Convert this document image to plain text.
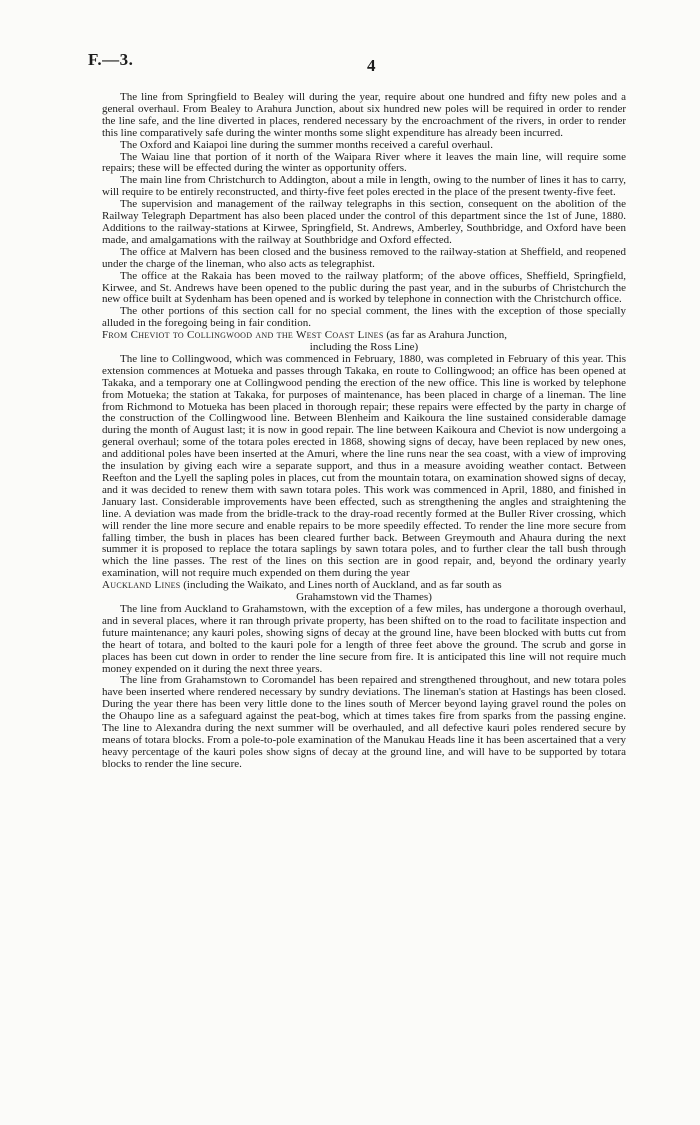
F.—3.	4

The line from Springfield to Bealey will during the year, require about one hundred and fifty new poles and a general overhaul. From Bealey to Arahura Junction, about six hundred new poles will be required in order to render the line safe, and the line diverted in places, rendered necessary by the encroachment of the rivers, in order to render this line comparatively safe during the winter months some slight expenditure has already been incurred.

The Oxford and Kaiapoi line during the summer months received a careful overhaul.

The Waiau line that portion of it north of the Waipara River where it leaves the main line, will require some repairs; these will be effected during the winter as opportunity offers.

The main line from Christchurch to Addington, about a mile in length, owing to the number of lines it has to carry, will require to be entirely reconstructed, and thirty-five feet poles erected in the place of the present twenty-five feet.

The supervision and management of the railway telegraphs in this section, consequent on the abolition of the Railway Telegraph Department has also been placed under the control of this department since the 1st of June, 1880. Additions to the railway-stations at Kirwee, Springfield, St. Andrews, Amberley, Southbridge, and Oxford have been made, and amalgamations with the railway at Southbridge and Oxford effected.

The office at Malvern has been closed and the business removed to the railway-station at Sheffield, and reopened under the charge of the lineman, who also acts as telegraphist.

The office at the Rakaia has been moved to the railway platform; of the above offices, Sheffield, Springfield, Kirwee, and St. Andrews have been opened to the public during the past year, and in the suburbs of Christchurch the new office built at Sydenham has been opened and is worked by telephone in connection with the Christchurch office.

The other portions of this section call for no special comment, the lines with the exception of those specially alluded in the foregoing being in fair condition.

From Cheviot to Collingwood and the West Coast Lines (as far as Arahura Junction,
including the Ross Line)

The line to Collingwood, which was commenced in February, 1880, was completed in February of this year. This extension commences at Motueka and passes through Takaka, en route to Collingwood; an office has been opened at Takaka, and a temporary one at Collingwood pending the erection of the new office. This line is worked by telephone from Motueka; the station at Takaka, for purposes of maintenance, has been placed in charge of a lineman. The line from Richmond to Motueka has been placed in thorough repair; these repairs were effected by the party in charge of the construction of the Collingwood line. Between Blenheim and Kaikoura the line sustained considerable damage during the month of August last; it is now in good repair. The line between Kaikoura and Cheviot is now undergoing a general overhaul; some of the totara poles erected in 1868, showing signs of decay, have been replaced by new ones, and additional poles have been inserted at the Amuri, where the line runs near the sea coast, with a view of improving the insulation by giving each wire a separate support, and thus in a measure avoiding weather contact. Between Reefton and the Lyell the sapling poles in places, cut from the mountain totara, on examination showed signs of decay, and it was decided to renew them with sawn totara poles. This work was commenced in April, 1880, and finished in January last. Considerable improvements have been effected, such as strengthening the angles and straightening the line. A deviation was made from the bridle-track to the dray-road recently formed at the Buller River crossing, which will render the line more secure and enable repairs to be more speedily effected. To render the line more secure from falling timber, the bush in places has been cleared further back. Between Greymouth and Ahaura during the next summer it is proposed to replace the totara saplings by sawn totara poles, and to further clear the tall bush through which the line passes. The rest of the lines on this section are in good repair, and, beyond the ordinary yearly examination, will not require much expended on them during the year

Auckland Lines (including the Waikato, and Lines north of Auckland, and as far south as
Grahamstown vid the Thames)

The line from Auckland to Grahamstown, with the exception of a few miles, has undergone a thorough overhaul, and in several places, where it ran through private property, has been shifted on to the road to facilitate inspection and future maintenance; any kauri poles, showing signs of decay at the ground line, have been blocked with butts cut from the heart of totara, and bolted to the kauri pole for a length of three feet above the ground. The scrub and gorse in places has been cut down in order to render the line secure from fire. It is anticipated this line will not require much money expended on it during the next three years.

The line from Grahamstown to Coromandel has been repaired and strengthened throughout, and new totara poles have been inserted where rendered necessary by sundry deviations. The lineman's station at Hastings has been closed. During the year there has been very little done to the lines south of Mercer beyond laying gravel round the poles on the Ohaupo line as a safeguard against the peat-bog, which at times takes fire from sparks from the passing engine. The line to Alexandra during the next summer will be overhauled, and all defective kauri poles rendered secure by means of totara blocks. From a pole-to-pole examination of the Manukau Heads line it has been ascertained that a very heavy percentage of the kauri poles show signs of decay at the ground line, and will have to be supported by totara blocks to render the line secure.
